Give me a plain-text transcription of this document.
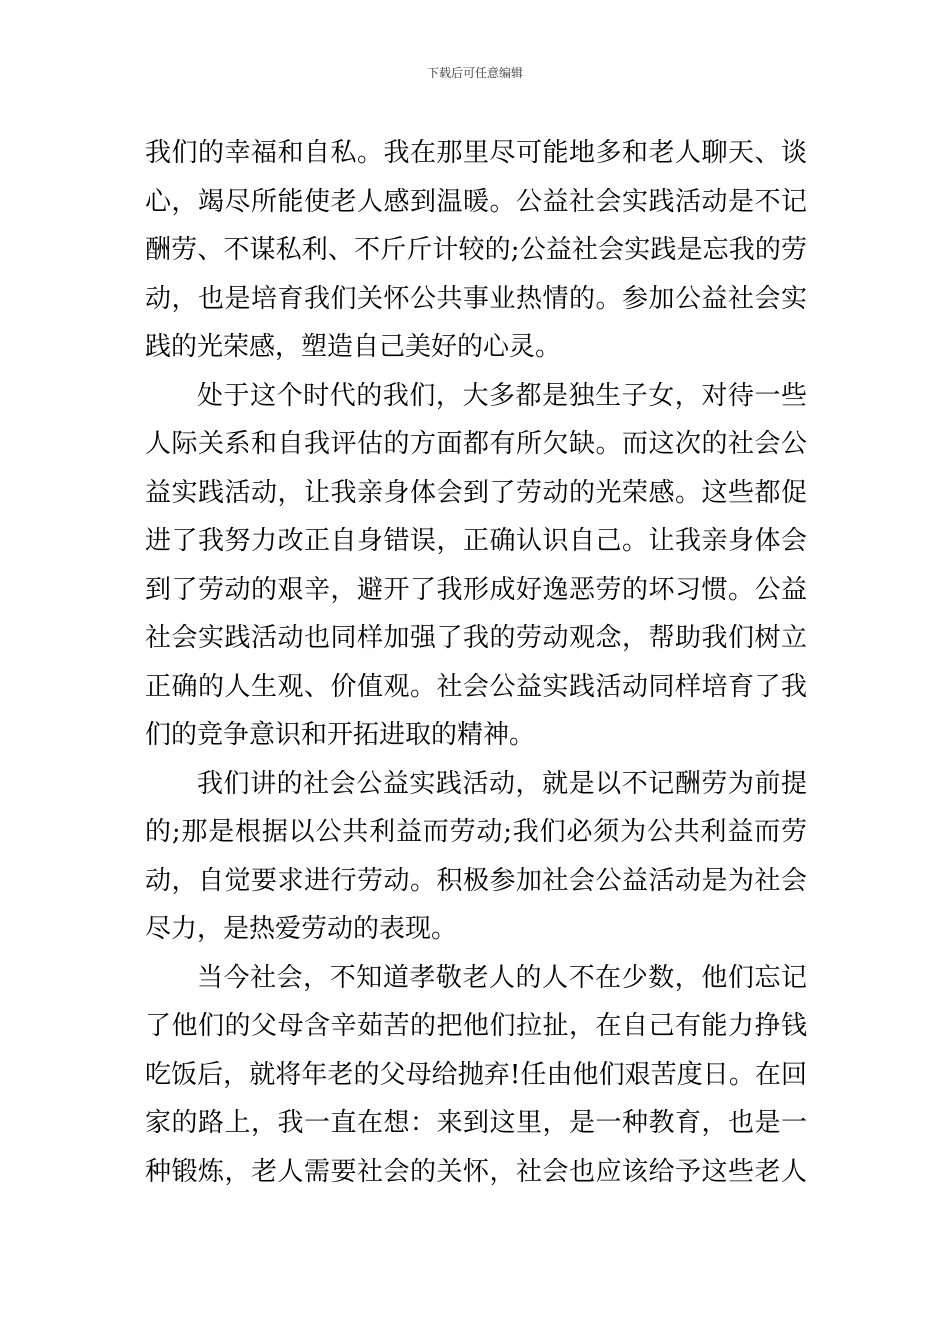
下载后可任意编辑
我们的幸福和自私。我在那里尽可能地多和老人聊天、谈
心，竭尽所能使老人感到温暖。公益社会实践活动是不记
酬劳、不谋私利、不斤斤计较的;公益社会实践是忘我的劳
动，也是培育我们关怀公共事业热情的。参加公益社会实
践的光荣感，塑造自己美好的心灵。
处于这个时代的我们，大多都是独生子女，对待一些
人际关系和自我评估的方面都有所欠缺。而这次的社会公
益实践活动，让我亲身体会到了劳动的光荣感。这些都促
进了我努力改正自身错误，正确认识自己。让我亲身体会
到了劳动的艰辛，避开了我形成好逸恶劳的坏习惯。公益
社会实践活动也同样加强了我的劳动观念，帮助我们树立
正确的人生观、价值观。社会公益实践活动同样培育了我
们的竞争意识和开拓进取的精神。
我们讲的社会公益实践活动，就是以不记酬劳为前提
的;那是根据以公共利益而劳动;我们必须为公共利益而劳
动，自觉要求进行劳动。积极参加社会公益活动是为社会
尽力，是热爱劳动的表现。
当今社会，不知道孝敬老人的人不在少数，他们忘记
了他们的父母含辛茹苦的把他们拉扯，在自己有能力挣钱
吃饭后，就将年老的父母给抛弃!任由他们艰苦度日。在回
家的路上，我一直在想：来到这里，是一种教育，也是一
种锻炼，老人需要社会的关怀，社会也应该给予这些老人
